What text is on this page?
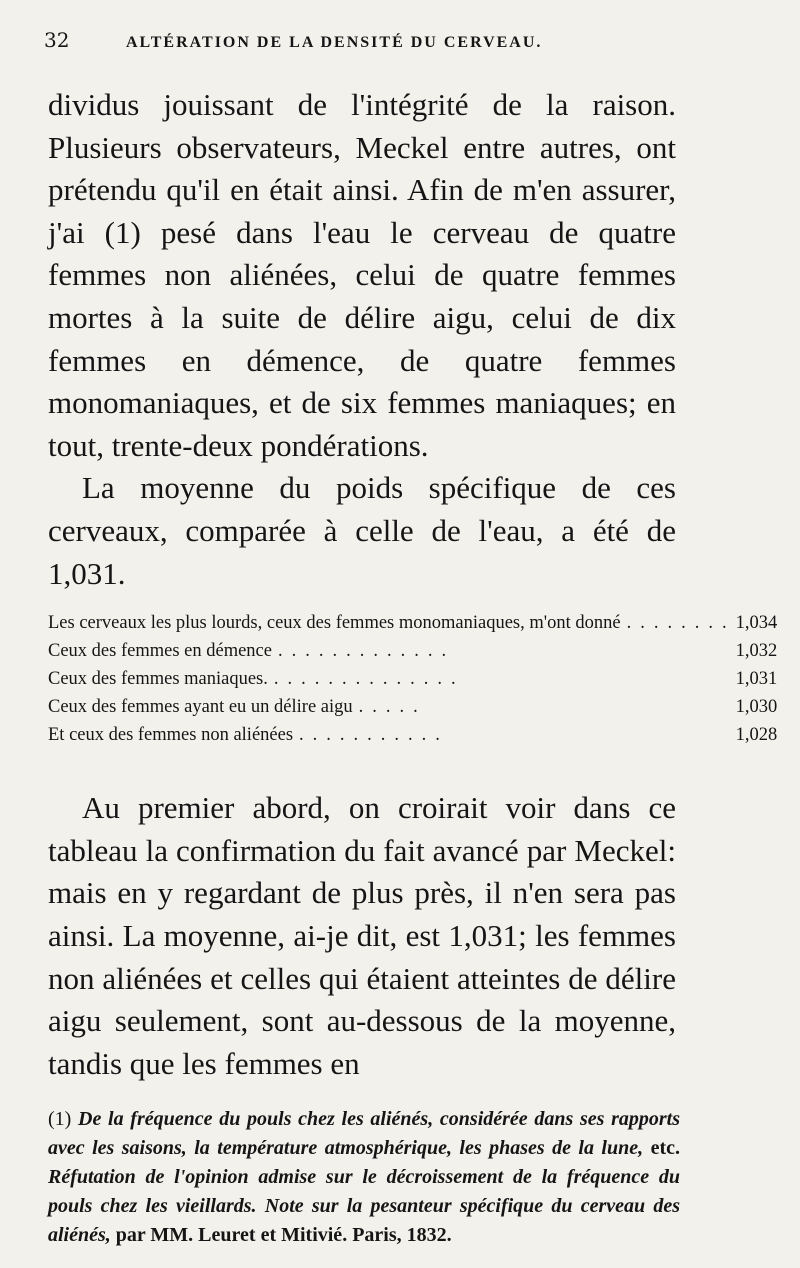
32	ALTÉRATION DE LA DENSITÉ DU CERVEAU.

dividus jouissant de l'intégrité de la raison. Plusieurs observateurs, Meckel entre autres, ont prétendu qu'il en était ainsi. Afin de m'en assurer, j'ai (1) pesé dans l'eau le cerveau de quatre femmes non aliénées, celui de quatre femmes mortes à la suite de délire aigu, celui de dix femmes en démence, de quatre femmes monomaniaques, et de six femmes maniaques; en tout, trente-deux pondérations.

La moyenne du poids spécifique de ces cerveaux, comparée à celle de l'eau, a été de 1,031.

Les cerveaux les plus lourds, ceux des femmes monomaniaques, m'ont donné ........	1,034
Ceux des femmes en démence .............	1,032
Ceux des femmes maniaques. ..............	1,031
Ceux des femmes ayant eu un délire aigu .....	1,030
Et ceux des femmes non aliénées ...........	1,028

Au premier abord, on croirait voir dans ce tableau la confirmation du fait avancé par Meckel: mais en y regardant de plus près, il n'en sera pas ainsi. La moyenne, ai-je dit, est 1,031; les femmes non aliénées et celles qui étaient atteintes de délire aigu seulement, sont au-dessous de la moyenne, tandis que les femmes en

(1) De la fréquence du pouls chez les aliénés, considérée dans ses rapports avec les saisons, la température atmosphérique, les phases de la lune, etc. Réfutation de l'opinion admise sur le décroissement de la fréquence du pouls chez les vieillards. Note sur la pesanteur spécifique du cerveau des aliénés, par MM. Leuret et Mitivié. Paris, 1832.
